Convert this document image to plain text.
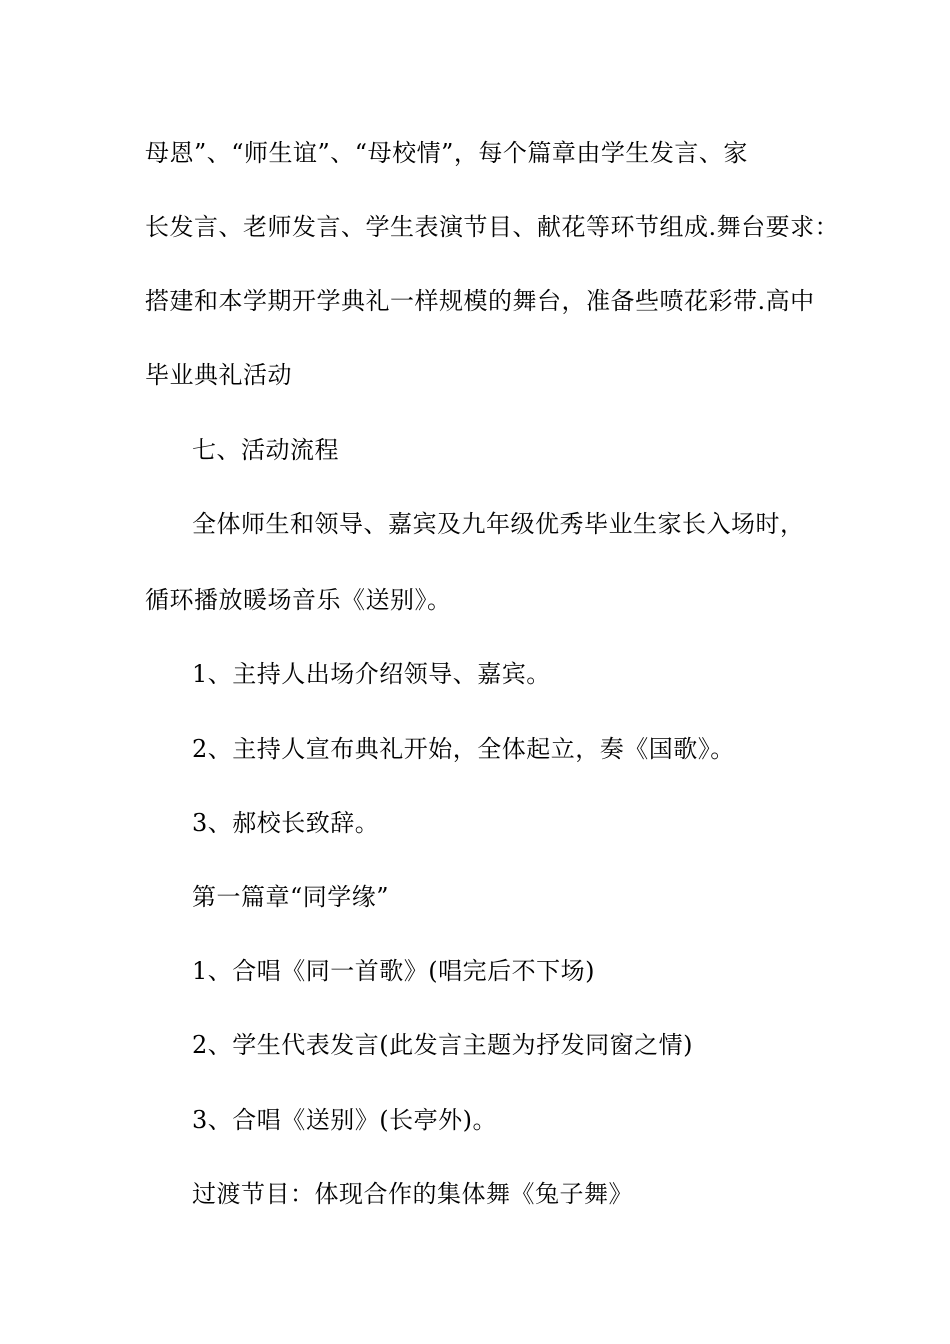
母恩”、“师生谊”、“母校情”，每个篇章由学生发言、家
长发言、老师发言、学生表演节目、献花等环节组成.舞台要求：
搭建和本学期开学典礼一样规模的舞台，准备些喷花彩带.高中
毕业典礼活动
七、活动流程
全体师生和领导、嘉宾及九年级优秀毕业生家长入场时，
循环播放暖场音乐《送别》。
1、主持人出场介绍领导、嘉宾。
2、主持人宣布典礼开始，全体起立，奏《国歌》。
3、郝校长致辞。
第一篇章“同学缘”
1、合唱《同一首歌》(唱完后不下场)
2、学生代表发言(此发言主题为抒发同窗之情)
3、合唱《送别》(长亭外)。
过渡节目：体现合作的集体舞《兔子舞》
